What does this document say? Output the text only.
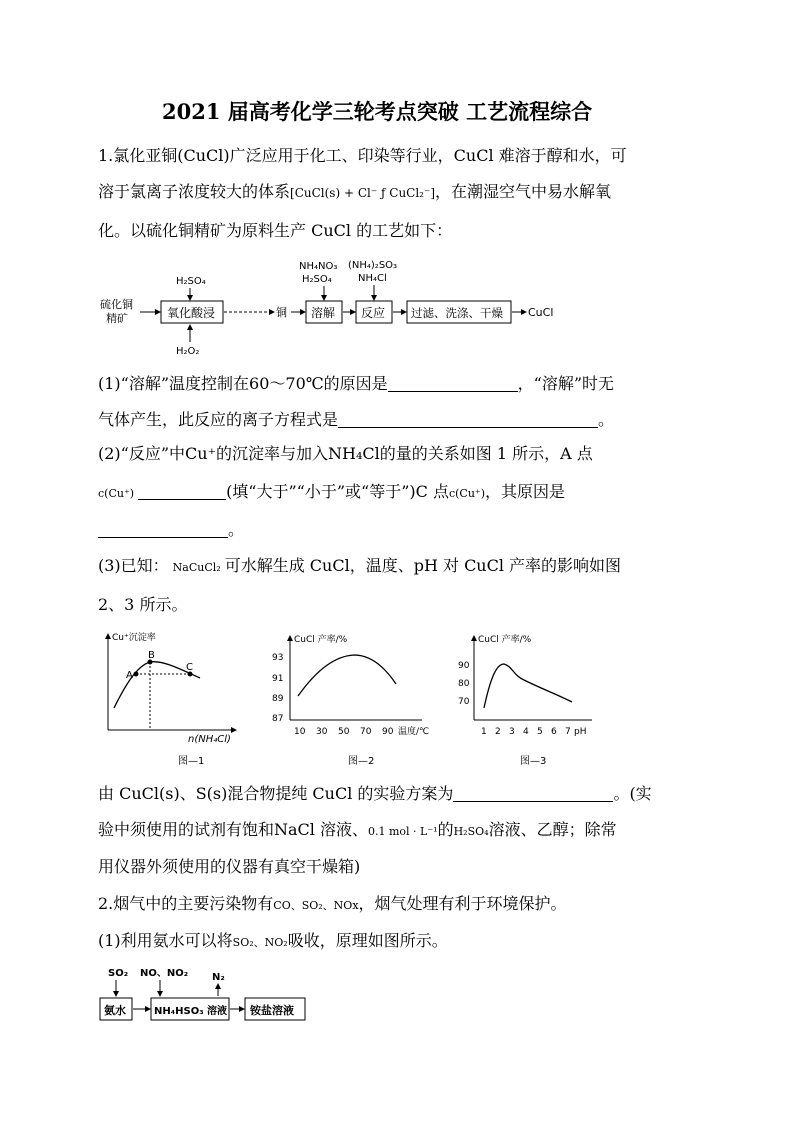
2021 届高考化学三轮考点突破 工艺流程综合
1.氯化亚铜(CuCl)广泛应用于化工、印染等行业，CuCl 难溶于醇和水，可
溶于氯离子浓度较大的体系[CuCl(s) + Cl⁻ ƒ CuCl₂⁻]，在潮湿空气中易水解氧
化。以硫化铜精矿为原料生产 CuCl 的工艺如下：
硫化铜
精矿	氧化酸浸
H₂SO₄
H₂O₂
铜 溶解
NH₄NO₃
H₂SO₄
反应
(NH₄)₂SO₃
NH₄Cl
过滤、洗涤、干燥 CuCl
(1)“溶解”温度控制在60～70℃的原因是	，“溶解”时无
气体产生，此反应的离子方程式是	。
(2)“反应”中Cu⁺的沉淀率与加入NH₄Cl的量的关系如图 1 所示，A 点
c(Cu⁺)	(填“大于”“小于”或“等于”)C 点c(Cu⁺)，其原因是
。
(3)已知： NaCuCl₂ 可水解生成 CuCl，温度、pH 对 CuCl 产率的影响如图
2、3 所示。
Cu⁺沉淀率
n(NH₄Cl)
A
B
C
图—1
CuCl 产率/%
93
91
89
87
10 30 50 70 90 温度/℃
图—2
CuCl 产率/%
90
80
70
1 2 3 4 5 6 7 pH
图—3
由 CuCl(s)、S(s)混合物提纯 CuCl 的实验方案为	。(实
验中须使用的试剂有饱和NaCl 溶液、0.1 mol · L⁻¹的H₂SO₄溶液、乙醇；除常
用仪器外须使用的仪器有真空干燥箱)
2.烟气中的主要污染物有CO、SO₂、NOx，烟气处理有利于环境保护。
(1)利用氨水可以将SO₂、NO₂吸收，原理如图所示。
SO₂
氨水
NO、NO₂
NH₄HSO₃ 溶液
N₂
铵盐溶液
